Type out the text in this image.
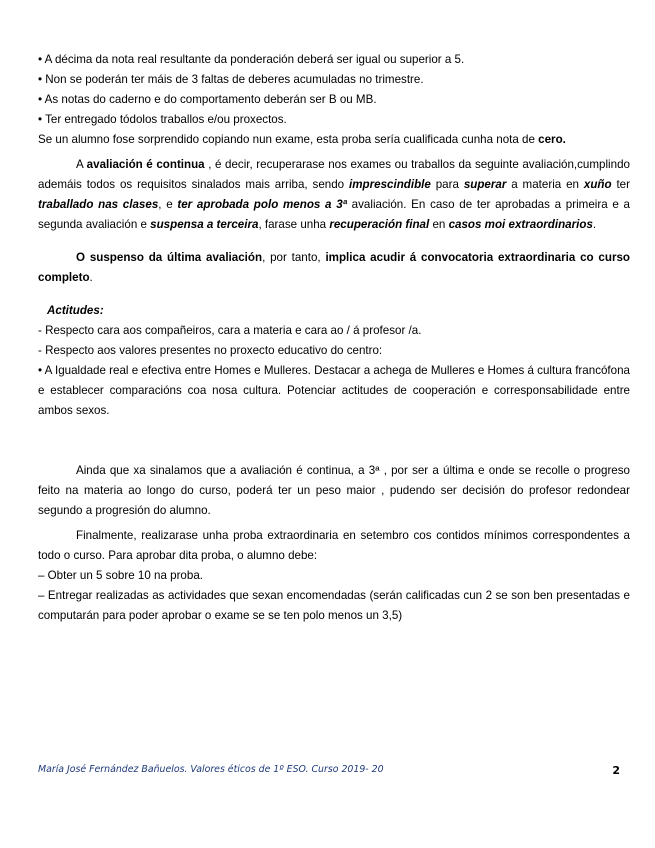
• A décima da nota real resultante da ponderación deberá ser igual ou superior a 5.
• Non se poderán ter máis de 3 faltas de deberes acumuladas no trimestre.
• As notas do caderno e do comportamento deberán ser B ou MB.
• Ter entregado tódolos traballos e/ou proxectos.
Se un alumno fose sorprendido copiando nun exame, esta proba sería cualificada cunha nota de cero.
A avaliación é continua , é decir, recuperarase nos exames ou traballos da seguinte avaliación,cumplindo ademáis todos os requisitos sinalados mais arriba, sendo imprescindible para superar a materia en xuño ter traballado nas clases, e ter aprobada polo menos a 3ª avaliación. En caso de ter aprobadas a primeira e a segunda avaliación e suspensa a terceira, farase unha recuperación final en casos moi extraordinarios.
O suspenso da última avaliación, por tanto, implica acudir á convocatoria extraordinaria co curso completo.
Actitudes:
- Respecto cara aos compañeiros, cara a materia e cara ao / á profesor /a.
- Respecto aos valores presentes no proxecto educativo do centro:
• A Igualdade real e efectiva entre Homes e Mulleres. Destacar a achega de Mulleres e Homes á cultura francófona e establecer comparacións coa nosa cultura. Potenciar actitudes de cooperación e corresponsabilidade entre ambos sexos.
Ainda que xa sinalamos que a avaliación é continua, a 3ª , por ser a última e onde se recolle o progreso feito na materia ao longo do curso, poderá ter un peso maior , pudendo ser decisión do profesor redondear segundo a progresión do alumno.
Finalmente, realizarase unha proba extraordinaria en setembro cos contidos mínimos correspondentes a todo o curso. Para aprobar dita proba, o alumno debe:
– Obter un 5 sobre 10 na proba.
– Entregar realizadas as actividades que sexan encomendadas (serán calificadas cun 2 se son ben presentadas e computarán para poder aprobar o exame se se ten polo menos un 3,5)
María José Fernández Bañuelos. Valores éticos de 1º ESO. Curso 2019- 20	2
